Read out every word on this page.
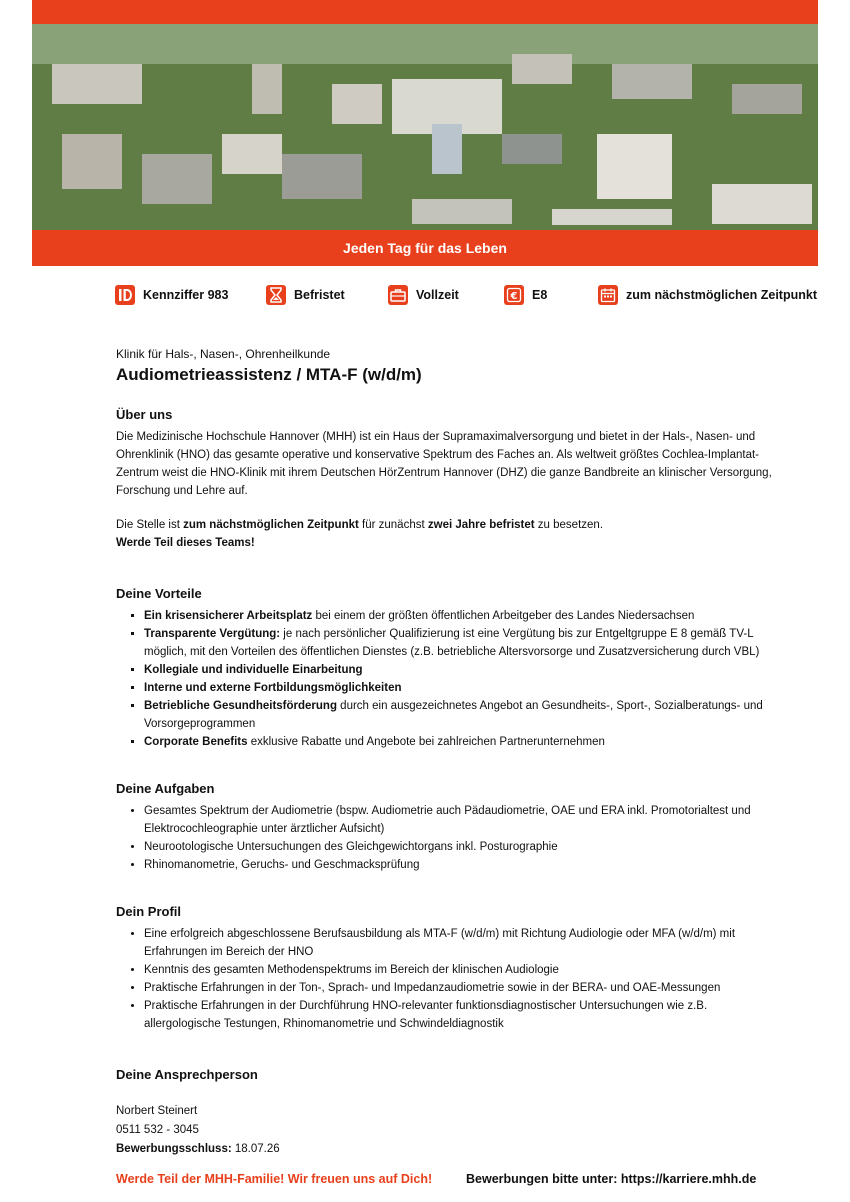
Jeden Tag für das Leben
Kennziffer 983	Befristet	Vollzeit	€ E8	zum nächstmöglichen Zeitpunkt
Klinik für Hals-, Nasen-, Ohrenheilkunde
Audiometrieassistenz / MTA-F (w/d/m)
Über uns

Die Medizinische Hochschule Hannover (MHH) ist ein Haus der Supramaximalversorgung und bietet in der Hals-, Nasen- und Ohrenklinik (HNO) das gesamte operative und konservative Spektrum des Faches an. Als weltweit größtes Cochlea-Implantat-Zentrum weist die HNO-Klinik mit ihrem Deutschen HörZentrum Hannover (DHZ) die ganze Bandbreite an klinischer Versorgung, Forschung und Lehre auf.

Die Stelle ist zum nächstmöglichen Zeitpunkt für zunächst zwei Jahre befristet zu besetzen.

Werde Teil dieses Teams!

Deine Vorteile
▪ Ein krisensicherer Arbeitsplatz bei einem der größten öffentlichen Arbeitgeber des Landes Niedersachsen
▪ Transparente Vergütung: je nach persönlicher Qualifizierung ist eine Vergütung bis zur Entgeltgruppe E 8 gemäß TV-L möglich, mit den Vorteilen des öffentlichen Dienstes (z.B. betriebliche Altersvorsorge und Zusatzversicherung durch VBL)
▪ Kollegiale und individuelle Einarbeitung
▪ Interne und externe Fortbildungsmöglichkeiten
▪ Betriebliche Gesundheitsförderung durch ein ausgezeichnetes Angebot an Gesundheits-, Sport-, Sozialberatungs- und Vorsorgeprogrammen
▪ Corporate Benefits exklusive Rabatte und Angebote bei zahlreichen Partnerunternehmen
Deine Aufgaben
• Gesamtes Spektrum der Audiometrie (bspw. Audiometrie auch Pädaudiometrie, OAE und ERA inkl. Promotorialtest und Elektrocochleographie unter ärztlicher Aufsicht)
• Neurootologische Untersuchungen des Gleichgewichtorgans inkl. Posturographie
• Rhinomanometrie, Geruchs- und Geschmacksprüfung
Dein Profil
• Eine erfolgreich abgeschlossene Berufsausbildung als MTA-F (w/d/m) mit Richtung Audiologie oder MFA (w/d/m) mit Erfahrungen im Bereich der HNO
• Kenntnis des gesamten Methodenspektrums im Bereich der klinischen Audiologie
• Praktische Erfahrungen in der Ton-, Sprach- und Impedanzaudiometrie sowie in der BERA- und OAE-Messungen
• Praktische Erfahrungen in der Durchführung HNO-relevanter funktionsdiagnostischer Untersuchungen wie z.B. allergologische Testungen, Rhinomanometrie und Schwindeldiagnostik
Deine Ansprechperson

Norbert Steinert

0511 532 - 3045

Bewerbungsschluss: 18.07.26

Werde Teil der MHH-Familie! Wir freuen uns auf Dich!	Bewerbungen bitte unter: https://karriere.mhh.de
